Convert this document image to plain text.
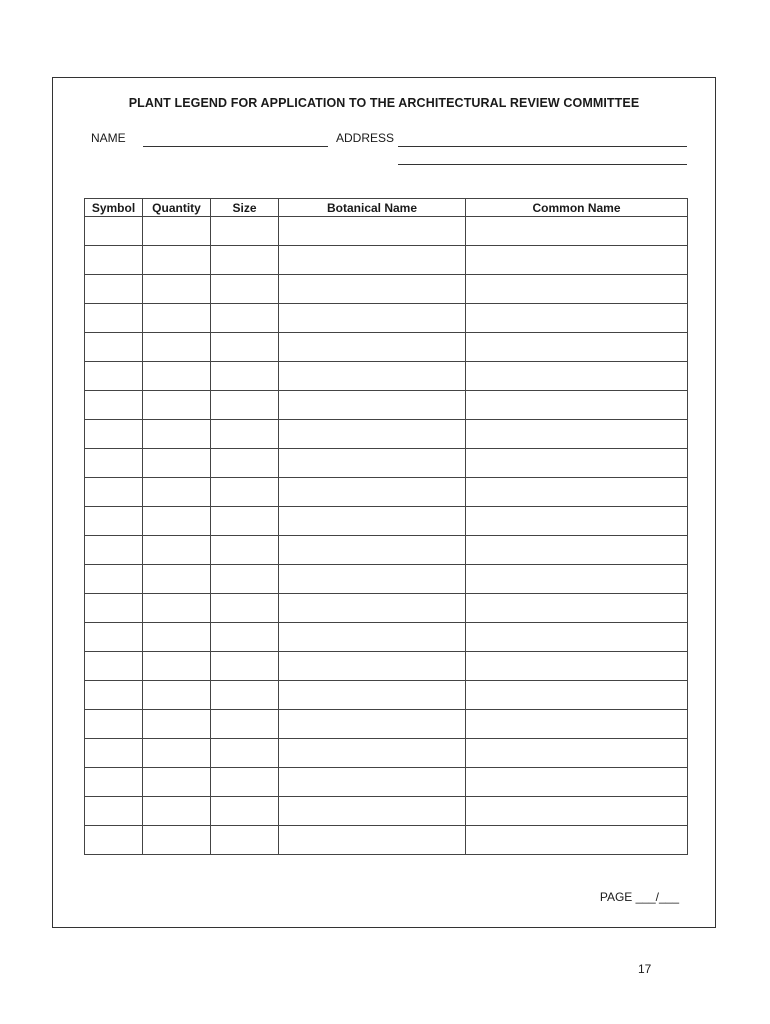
PLANT LEGEND FOR APPLICATION TO THE ARCHITECTURAL REVIEW COMMITTEE
NAME	ADDRESS
Symbol	Quantity	Size	Botanical Name	Common Name

PAGE ___/___
17
